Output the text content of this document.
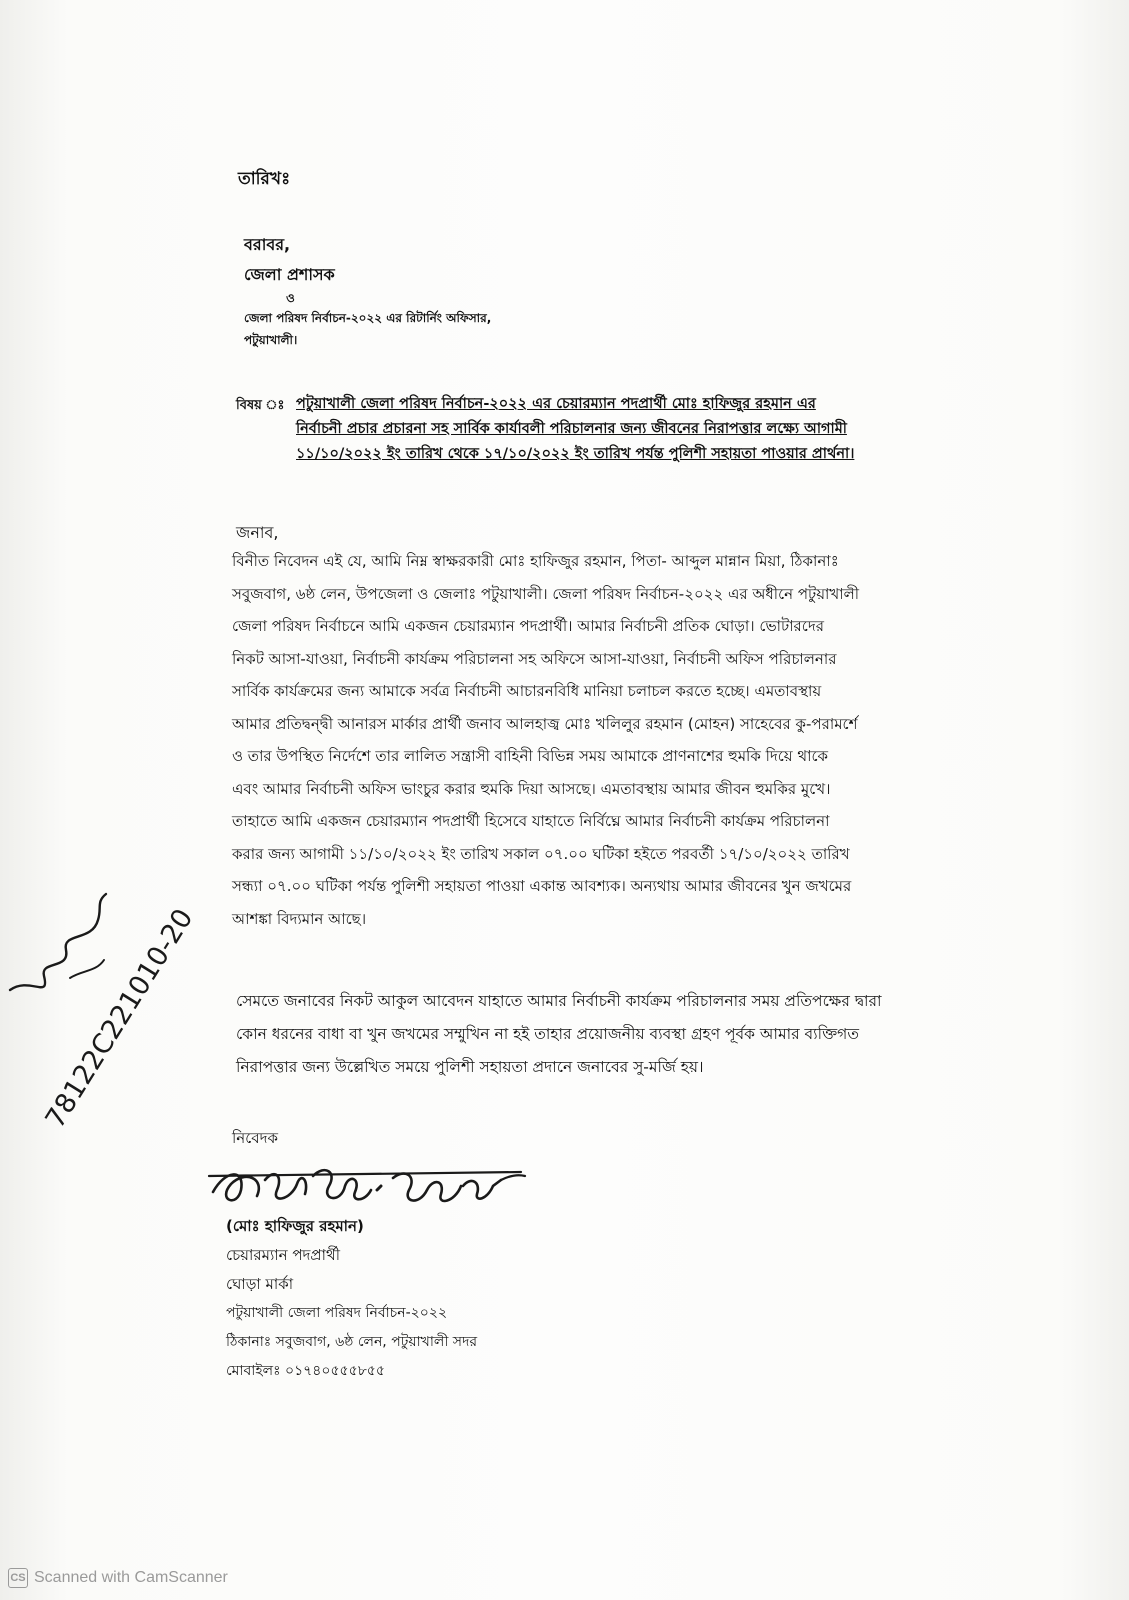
তারিখঃ
বরাবর,
জেলা প্রশাসক
ও
জেলা পরিষদ নির্বাচন-২০২২ এর রিটার্নিং অফিসার,
পটুয়াখালী।
বিষয় ঃ পটুয়াখালী জেলা পরিষদ নির্বাচন-২০২২ এর চেয়ারম্যান পদপ্রার্থী মোঃ হাফিজুর রহমান এর
নির্বাচনী প্রচার প্রচারনা সহ সার্বিক কার্যাবলী পরিচালনার জন্য জীবনের নিরাপত্তার লক্ষ্যে আগামী
১১/১০/২০২২ ইং তারিখ থেকে ১৭/১০/২০২২ ইং তারিখ পর্যন্ত পুলিশী সহায়তা পাওয়ার প্রার্থনা।
জনাব,
বিনীত নিবেদন এই যে, আমি নিম্ন স্বাক্ষরকারী মোঃ হাফিজুর রহমান, পিতা- আব্দুল মান্নান মিয়া, ঠিকানাঃ
সবুজবাগ, ৬ষ্ঠ লেন, উপজেলা ও জেলাঃ পটুয়াখালী। জেলা পরিষদ নির্বাচন-২০২২ এর অধীনে পটুয়াখালী
জেলা পরিষদ নির্বাচনে আমি একজন চেয়ারম্যান পদপ্রার্থী। আমার নির্বাচনী প্রতিক ঘোড়া। ভোটারদের
নিকট আসা-যাওয়া, নির্বাচনী কার্যক্রম পরিচালনা সহ অফিসে আসা-যাওয়া, নির্বাচনী অফিস পরিচালনার
সার্বিক কার্যক্রমের জন্য আমাকে সর্বত্র নির্বাচনী আচারনবিধি মানিয়া চলাচল করতে হচ্ছে। এমতাবস্থায়
আমার প্রতিদ্বন্দ্বী আনারস মার্কার প্রার্থী জনাব আলহাজ্ব মোঃ খলিলুর রহমান (মোহন) সাহেবের কু-পরামর্শে
ও তার উপস্থিত নির্দেশে তার লালিত সন্ত্রাসী বাহিনী বিভিন্ন সময় আমাকে প্রাণনাশের হুমকি দিয়ে থাকে
এবং আমার নির্বাচনী অফিস ভাংচুর করার হুমকি দিয়া আসছে। এমতাবস্থায় আমার জীবন হুমকির মুখে।
তাহাতে আমি একজন চেয়ারম্যান পদপ্রার্থী হিসেবে যাহাতে নির্বিঘ্নে আমার নির্বাচনী কার্যক্রম পরিচালনা
করার জন্য আগামী ১১/১০/২০২২ ইং তারিখ সকাল ০৭.০০ ঘটিকা হইতে পরবর্তী ১৭/১০/২০২২ তারিখ
সন্ধ্যা ০৭.০০ ঘটিকা পর্যন্ত পুলিশী সহায়তা পাওয়া একান্ত আবশ্যক। অন্যথায় আমার জীবনের খুন জখমের
আশঙ্কা বিদ্যমান আছে।
সেমতে জনাবের নিকট আকুল আবেদন যাহাতে আমার নির্বাচনী কার্যক্রম পরিচালনার সময় প্রতিপক্ষের দ্বারা
কোন ধরনের বাধা বা খুন জখমের সম্মুখিন না হই তাহার প্রয়োজনীয় ব্যবস্থা গ্রহণ পূর্বক আমার ব্যক্তিগত
নিরাপত্তার জন্য উল্লেখিত সময়ে পুলিশী সহায়তা প্রদানে জনাবের সু-মর্জি হয়।
নিবেদক
(মোঃ হাফিজুর রহমান)
চেয়ারম্যান পদপ্রার্থী
ঘোড়া মার্কা
পটুয়াখালী জেলা পরিষদ নির্বাচন-২০২২
ঠিকানাঃ সবুজবাগ, ৬ষ্ঠ লেন, পটুয়াখালী সদর
মোবাইলঃ ০১৭৪০৫৫৫৮৫৫
78122C221010-20
CS Scanned with CamScanner
